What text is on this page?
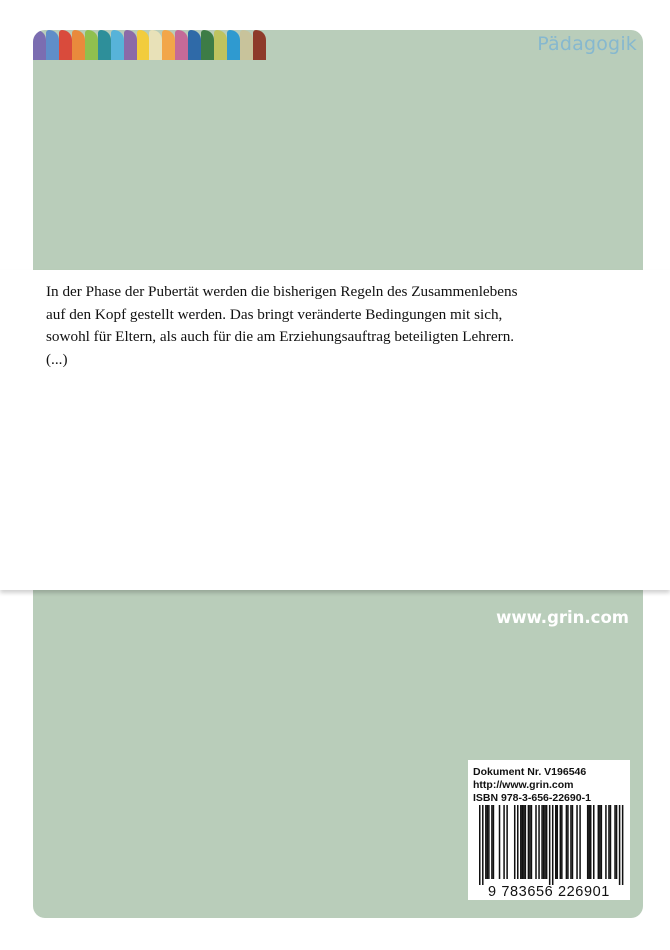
Pädagogik
In der Phase der Pubertät werden die bisherigen Regeln des Zusammenlebens
auf den Kopf gestellt werden. Das bringt veränderte Bedingungen mit sich,
sowohl für Eltern, als auch für die am Erziehungsauftrag beteiligten Lehrern.
(...)
www.grin.com
Dokument Nr. V196546
http://www.grin.com
ISBN 978-3-656-22690-1
9 783656 226901
